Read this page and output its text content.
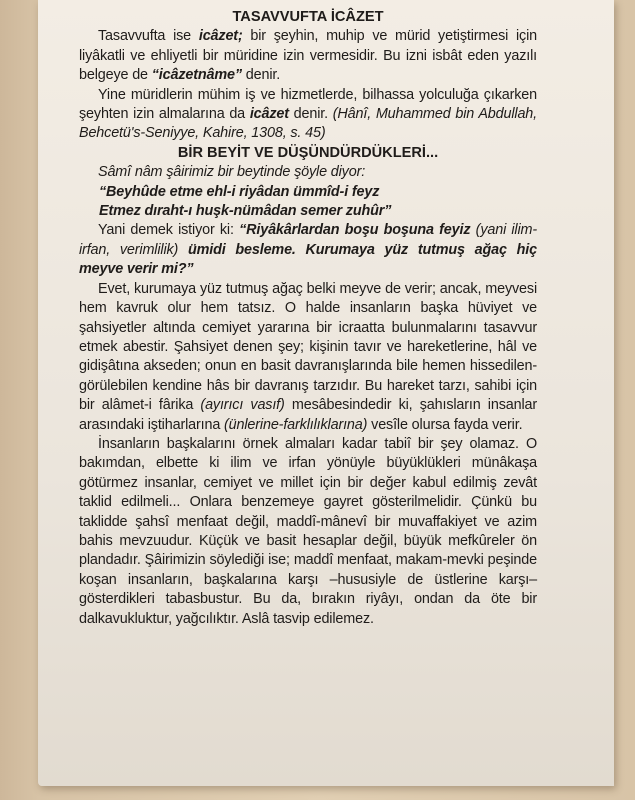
TASAVVUFTA İCÂZET

Tasavvufta ise icâzet; bir şeyhin, muhip ve mürid yetiştirmesi için liyâkatli ve ehliyetli bir müridine izin vermesidir. Bu izni isbât eden yazılı belgeye de “icâzetnâme” denir.

Yine müridlerin mühim iş ve hizmetlerde, bilhassa yolculuğa çıkarken şeyhten izin almalarına da icâzet denir. (Hânî, Muhammed bin Abdullah, Behcetü's-Seniyye, Kahire, 1308, s. 45)

BİR BEYİT VE DÜŞÜNDÜRDÜKLERİ...

Sâmî nâm şâirimiz bir beytinde şöyle diyor:

“Beyhûde etme ehl-i riyâdan ümmîd-i feyz

Etmez dıraht-ı huşk-nümâdan semer zuhûr”

Yani demek istiyor ki: “Riyâkârlardan boşu boşuna feyiz (yani ilim-irfan, verimlilik) ümidi besleme. Kurumaya yüz tutmuş ağaç hiç meyve verir mi?”

Evet, kurumaya yüz tutmuş ağaç belki meyve de verir; ancak, meyvesi hem kavruk olur hem tatsız. O halde insanların başka hüviyet ve şahsiyetler altında cemiyet yararına bir icraatta bulunmalarını tasavvur etmek abestir. Şahsiyet denen şey; kişinin tavır ve hareketlerine, hâl ve gidişâtına akseden; onun en basit davranışlarında bile hemen hissedilen-görülebilen kendine hâs bir davranış tarzıdır. Bu hareket tarzı, sahibi için bir alâmet-i fârika (ayırıcı vasıf) mesâbesindedir ki, şahısların insanlar arasındaki iştiharlarına (ünlerine-farklılıklarına) vesîle olursa fayda verir.

İnsanların başkalarını örnek almaları kadar tabiî bir şey olamaz. O bakımdan, elbette ki ilim ve irfan yönüyle büyüklükleri münâkaşa götürmez insanlar, cemiyet ve millet için bir değer kabul edilmiş zevât taklid edilmeli... Onlara benzemeye gayret gösterilmelidir. Çünkü bu taklidde şahsî menfaat değil, maddî-mânevî bir muvaffakiyet ve azim bahis mevzuudur. Küçük ve basit hesaplar değil, büyük mefkûreler ön plandadır. Şâirimizin söylediği ise; maddî menfaat, makam-mevki peşinde koşan insanların, başkalarına karşı –hususiyle de üstlerine karşı– gösterdikleri tabasbustur. Bu da, bırakın riyâyı, ondan da öte bir dalkavukluktur, yağcılıktır. Aslâ tasvip edilemez.
